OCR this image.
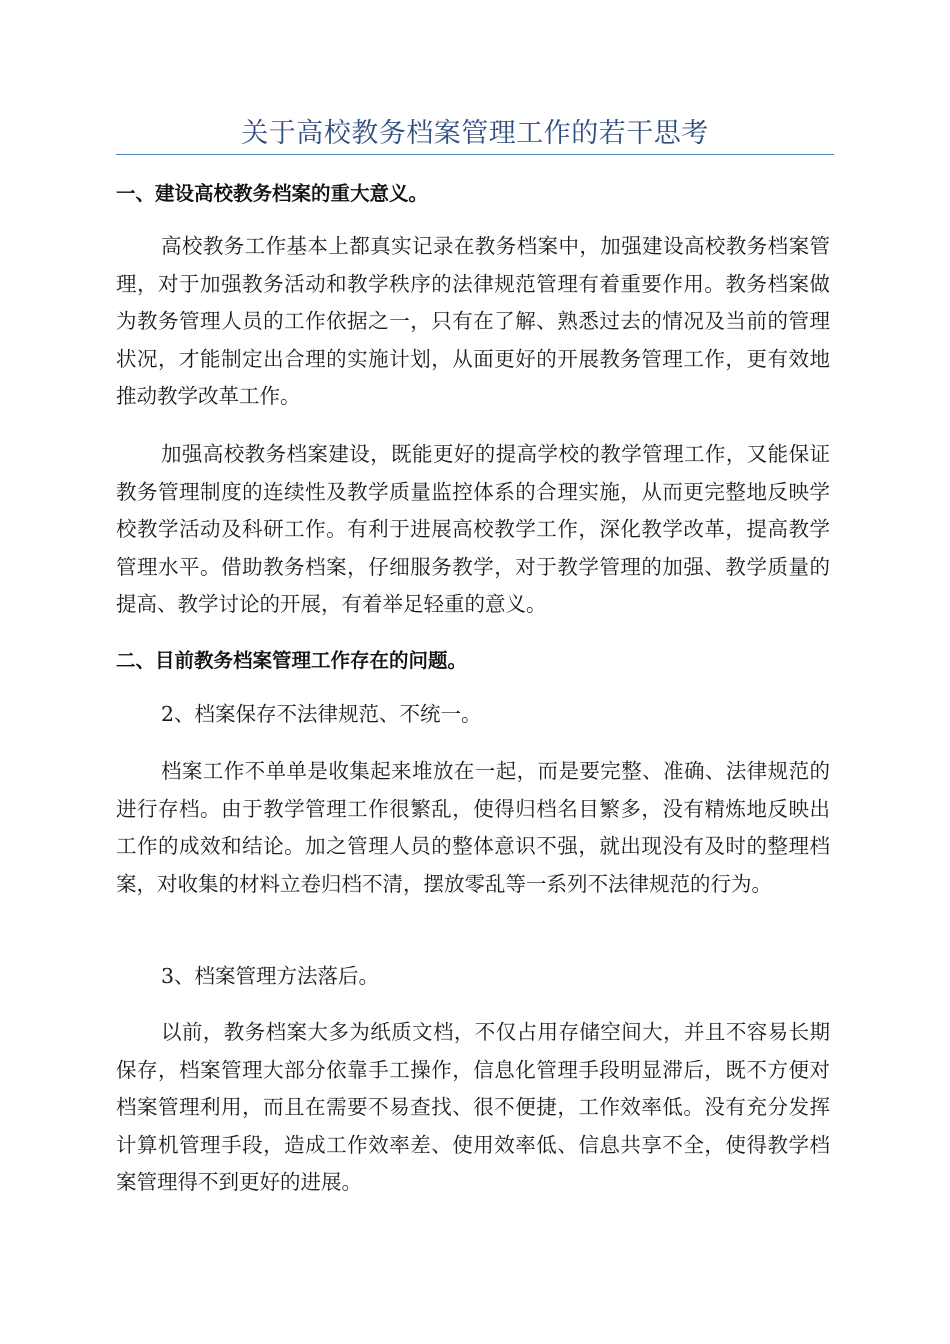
关于高校教务档案管理工作的若干思考
一、建设高校教务档案的重大意义。
高校教务工作基本上都真实记录在教务档案中，加强建设高校教务档案管理，对于加强教务活动和教学秩序的法律规范管理有着重要作用。教务档案做为教务管理人员的工作依据之一，只有在了解、熟悉过去的情况及当前的管理状况，才能制定出合理的实施计划，从面更好的开展教务管理工作，更有效地推动教学改革工作。
加强高校教务档案建设，既能更好的提高学校的教学管理工作，又能保证教务管理制度的连续性及教学质量监控体系的合理实施，从而更完整地反映学校教学活动及科研工作。有利于进展高校教学工作，深化教学改革，提高教学管理水平。借助教务档案，仔细服务教学，对于教学管理的加强、教学质量的提高、教学讨论的开展，有着举足轻重的意义。
二、目前教务档案管理工作存在的问题。
2、档案保存不法律规范、不统一。
档案工作不单单是收集起来堆放在一起，而是要完整、准确、法律规范的进行存档。由于教学管理工作很繁乱，使得归档名目繁多，没有精炼地反映出工作的成效和结论。加之管理人员的整体意识不强，就出现没有及时的整理档案，对收集的材料立卷归档不清，摆放零乱等一系列不法律规范的行为。
3、档案管理方法落后。
以前，教务档案大多为纸质文档，不仅占用存储空间大，并且不容易长期保存，档案管理大部分依靠手工操作，信息化管理手段明显滞后，既不方便对档案管理利用，而且在需要不易查找、很不便捷，工作效率低。没有充分发挥计算机管理手段，造成工作效率差、使用效率低、信息共享不全，使得教学档案管理得不到更好的进展。
